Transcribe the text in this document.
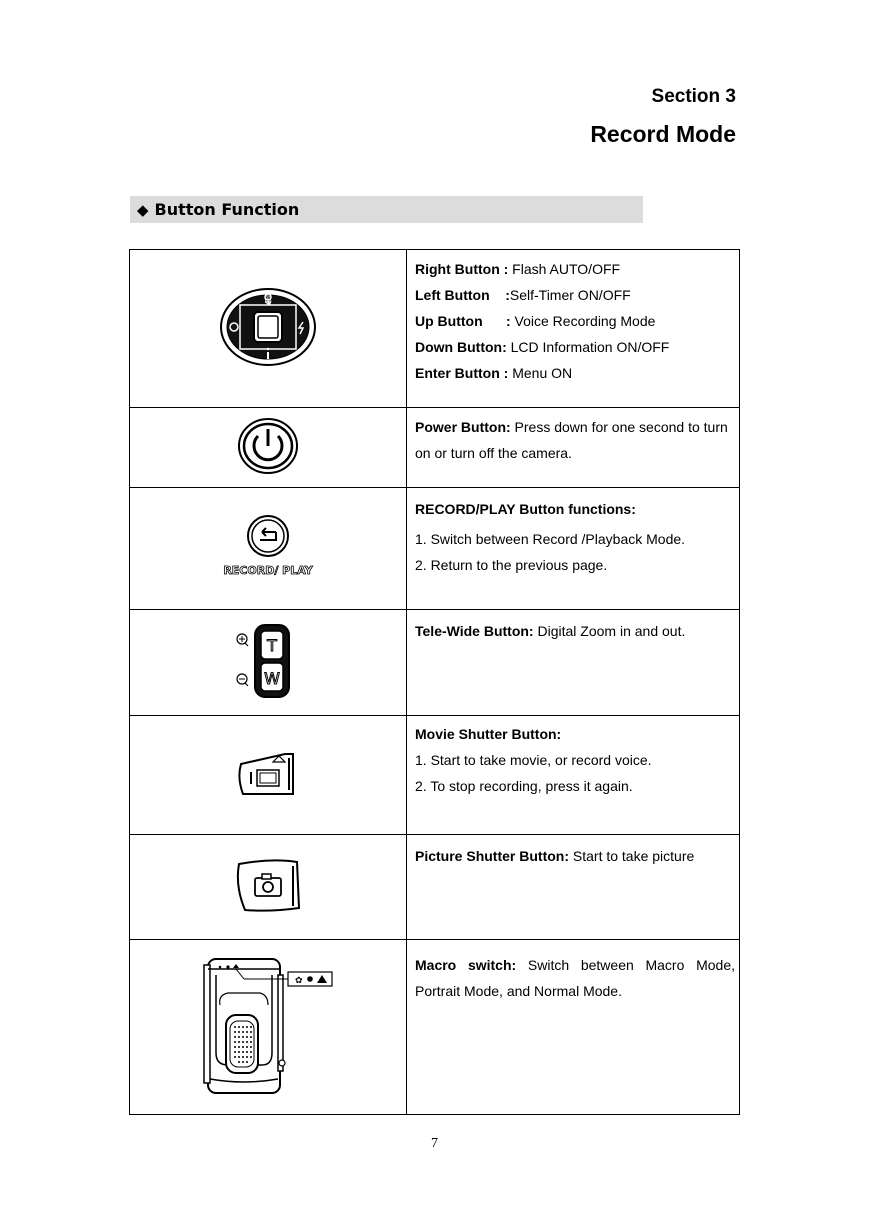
Section 3
Record Mode
◆ Button Function
🎙	Right Button : Flash AUTO/OFF
Left Button    :Self-Timer ON/OFF
Up Button      : Voice Recording Mode
Down Button: LCD Information ON/OFF
Enter Button : Menu ON

	Power Button: Press down for one second to turn on or turn off the camera.

RECORD/ PLAY	RECORD/PLAY Button functions:
1. Switch between Record /Playback Mode.
2. Return to the previous page.

T
W	Tele-Wide Button: Digital Zoom in and out.

Movie Shutter Button:
1. Start to take movie, or record voice.
2. To stop recording, press it again.

	Picture Shutter Button: Start to take picture

✿	Macro switch: Switch between Macro Mode, Portrait Mode, and Normal Mode.
7
